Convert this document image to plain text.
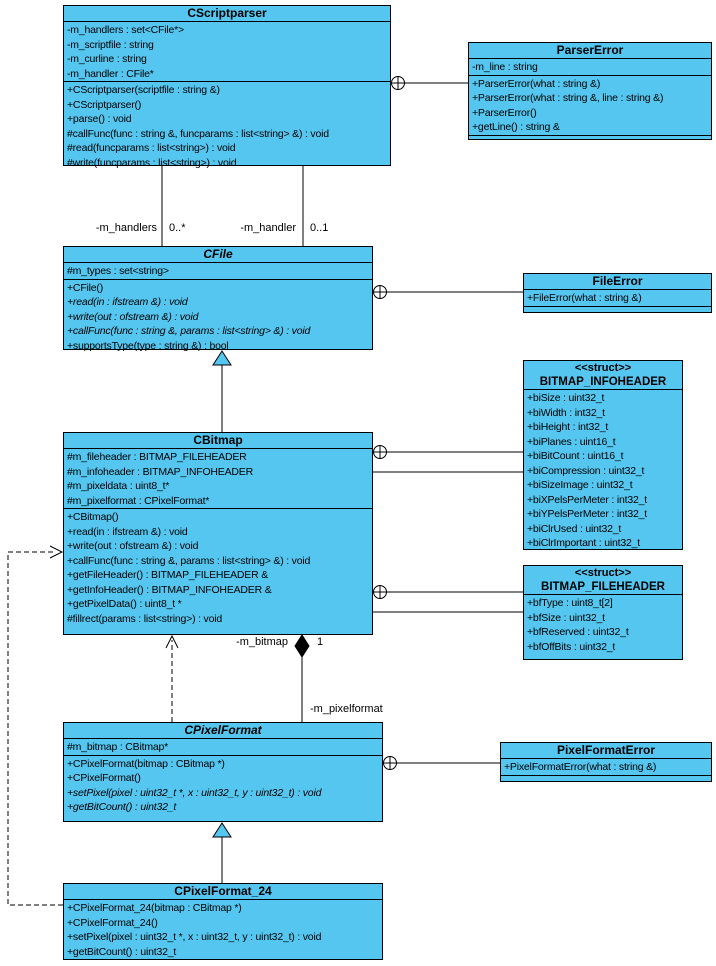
CScriptparser
-m_handlers : set<CFile*>
-m_scriptfile : string
-m_curline : string
-m_handler : CFile*
+CScriptparser(scriptfile : string &)
+CScriptparser()
+parse() : void
#callFunc(func : string &, funcparams : list<string> &) : void
#read(funcparams : list<string>) : void
#write(funcparams : list<string>) : void
ParserError
-m_line : string
+ParserError(what : string &)
+ParserError(what : string &, line : string &)
+ParserError()
+getLine() : string &
CFile
#m_types : set<string>
+CFile()
+read(in : ifstream &) : void
+write(out : ofstream &) : void
+callFunc(func : string &, params : list<string> &) : void
+supportsType(type : string &) : bool
FileError
+FileError(what : string &)
CBitmap
#m_fileheader : BITMAP_FILEHEADER
#m_infoheader : BITMAP_INFOHEADER
#m_pixeldata : uint8_t*
#m_pixelformat : CPixelFormat*
+CBitmap()
+read(in : ifstream &) : void
+write(out : ofstream &) : void
+callFunc(func : string &, params : list<string> &) : void
+getFileHeader() : BITMAP_FILEHEADER &
+getInfoHeader() : BITMAP_INFOHEADER &
+getPixelData() : uint8_t *
#fillrect(params : list<string>) : void
<<struct>>
BITMAP_INFOHEADER
+biSize : uint32_t
+biWidth : int32_t
+biHeight : int32_t
+biPlanes : uint16_t
+biBitCount : uint16_t
+biCompression : uint32_t
+biSizeImage : uint32_t
+biXPelsPerMeter : int32_t
+biYPelsPerMeter : int32_t
+biClrUsed : uint32_t
+biClrImportant : uint32_t
<<struct>>
BITMAP_FILEHEADER
+bfType : uint8_t[2]
+bfSize : uint32_t
+bfReserved : uint32_t
+bfOffBits : uint32_t
CPixelFormat
#m_bitmap : CBitmap*
+CPixelFormat(bitmap : CBitmap *)
+CPixelFormat()
+setPixel(pixel : uint32_t *, x : uint32_t, y : uint32_t) : void
+getBitCount() : uint32_t
PixelFormatError
+PixelFormatError(what : string &)
CPixelFormat_24
+CPixelFormat_24(bitmap : CBitmap *)
+CPixelFormat_24()
+setPixel(pixel : uint32_t *, x : uint32_t, y : uint32_t) : void
+getBitCount() : uint32_t
-m_handlers 0..*	-m_handler 0..1
-m_bitmap	1
-m_pixelformat
